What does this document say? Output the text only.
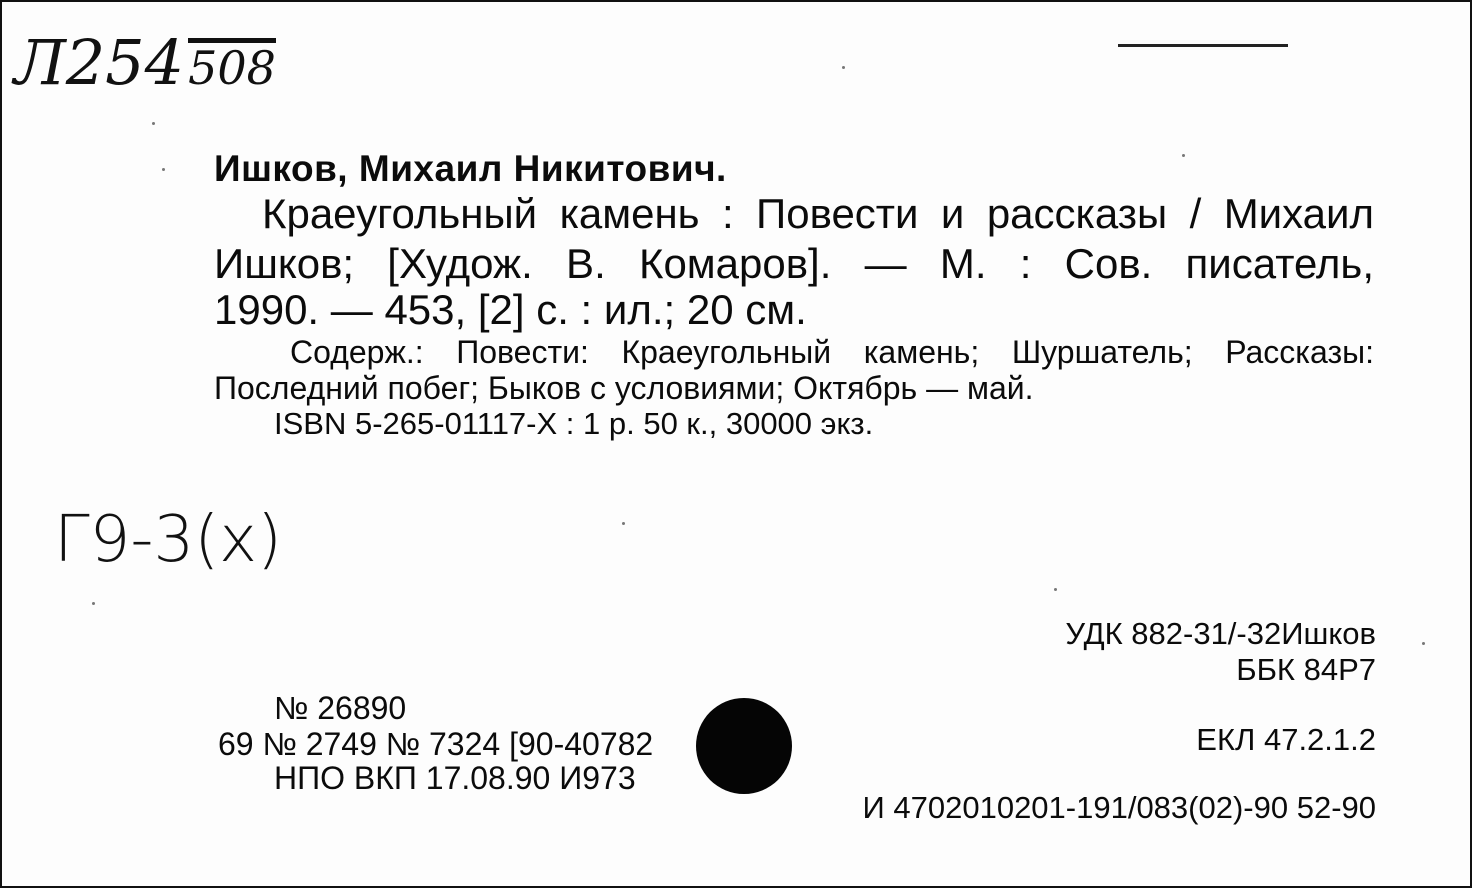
Л254508
Ишков, Михаил Никитович.
Краеугольный камень : Повести и рассказы / Михаил
Ишков; [Худож. В. Комаров]. — М. : Сов. писатель,
1990. — 453, [2] с. : ил.; 20 см.
Содерж.: Повести: Краеугольный камень; Шуршатель; Рассказы:
Последний побег; Быков с условиями; Октябрь — май.
ISBN 5-265-01117-X : 1 р. 50 к., 30000 экз.
Г9-3(х)
УДК 882-31/-32Ишков
ББК 84Р7
№ 26890
69 № 2749 № 7324 [90-40782
НПО ВКП 17.08.90 И973
ЕКЛ 47.2.1.2
И 4702010201-191/083(02)-90 52-90
